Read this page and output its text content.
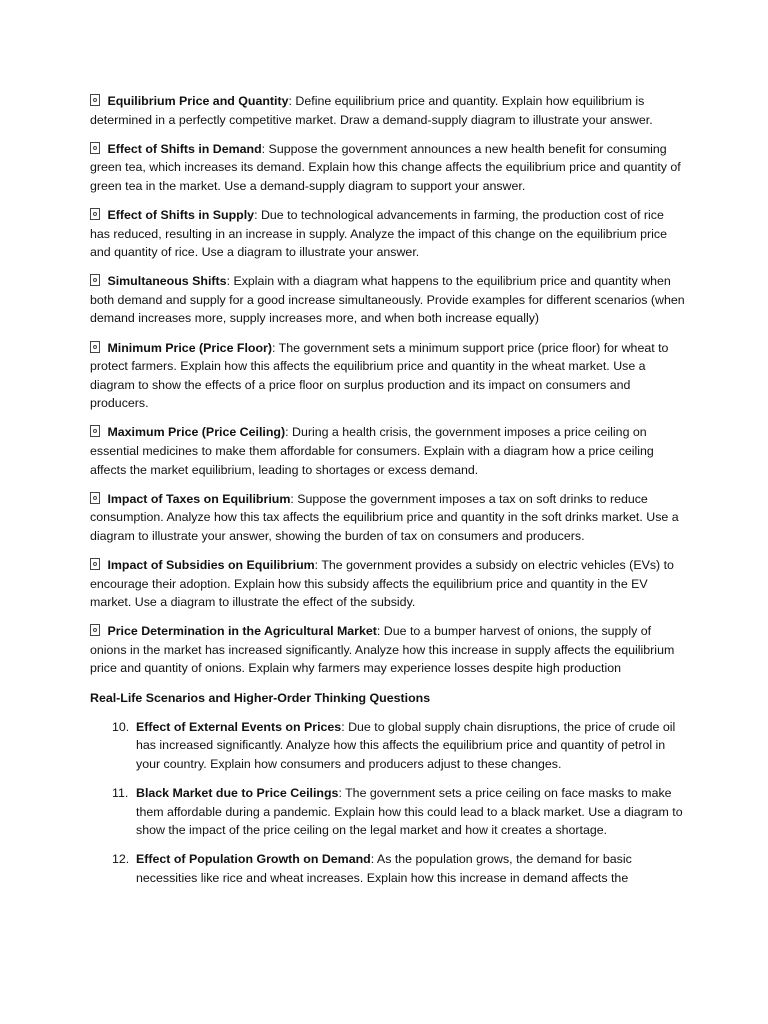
Equilibrium Price and Quantity: Define equilibrium price and quantity. Explain how equilibrium is determined in a perfectly competitive market. Draw a demand-supply diagram to illustrate your answer.

Effect of Shifts in Demand: Suppose the government announces a new health benefit for consuming green tea, which increases its demand. Explain how this change affects the equilibrium price and quantity of green tea in the market. Use a demand-supply diagram to support your answer.

Effect of Shifts in Supply: Due to technological advancements in farming, the production cost of rice has reduced, resulting in an increase in supply. Analyze the impact of this change on the equilibrium price and quantity of rice. Use a diagram to illustrate your answer.

Simultaneous Shifts: Explain with a diagram what happens to the equilibrium price and quantity when both demand and supply for a good increase simultaneously. Provide examples for different scenarios (when demand increases more, supply increases more, and when both increase equally)

Minimum Price (Price Floor): The government sets a minimum support price (price floor) for wheat to protect farmers. Explain how this affects the equilibrium price and quantity in the wheat market. Use a diagram to show the effects of a price floor on surplus production and its impact on consumers and producers.

Maximum Price (Price Ceiling): During a health crisis, the government imposes a price ceiling on essential medicines to make them affordable for consumers. Explain with a diagram how a price ceiling affects the market equilibrium, leading to shortages or excess demand.

Impact of Taxes on Equilibrium: Suppose the government imposes a tax on soft drinks to reduce consumption. Analyze how this tax affects the equilibrium price and quantity in the soft drinks market. Use a diagram to illustrate your answer, showing the burden of tax on consumers and producers.

Impact of Subsidies on Equilibrium: The government provides a subsidy on electric vehicles (EVs) to encourage their adoption. Explain how this subsidy affects the equilibrium price and quantity in the EV market. Use a diagram to illustrate the effect of the subsidy.

Price Determination in the Agricultural Market: Due to a bumper harvest of onions, the supply of onions in the market has increased significantly. Analyze how this increase in supply affects the equilibrium price and quantity of onions. Explain why farmers may experience losses despite high production

Real-Life Scenarios and Higher-Order Thinking Questions

10. Effect of External Events on Prices: Due to global supply chain disruptions, the price of crude oil has increased significantly. Analyze how this affects the equilibrium price and quantity of petrol in your country. Explain how consumers and producers adjust to these changes.

11. Black Market due to Price Ceilings: The government sets a price ceiling on face masks to make them affordable during a pandemic. Explain how this could lead to a black market. Use a diagram to show the impact of the price ceiling on the legal market and how it creates a shortage.

12. Effect of Population Growth on Demand: As the population grows, the demand for basic necessities like rice and wheat increases. Explain how this increase in demand affects the
